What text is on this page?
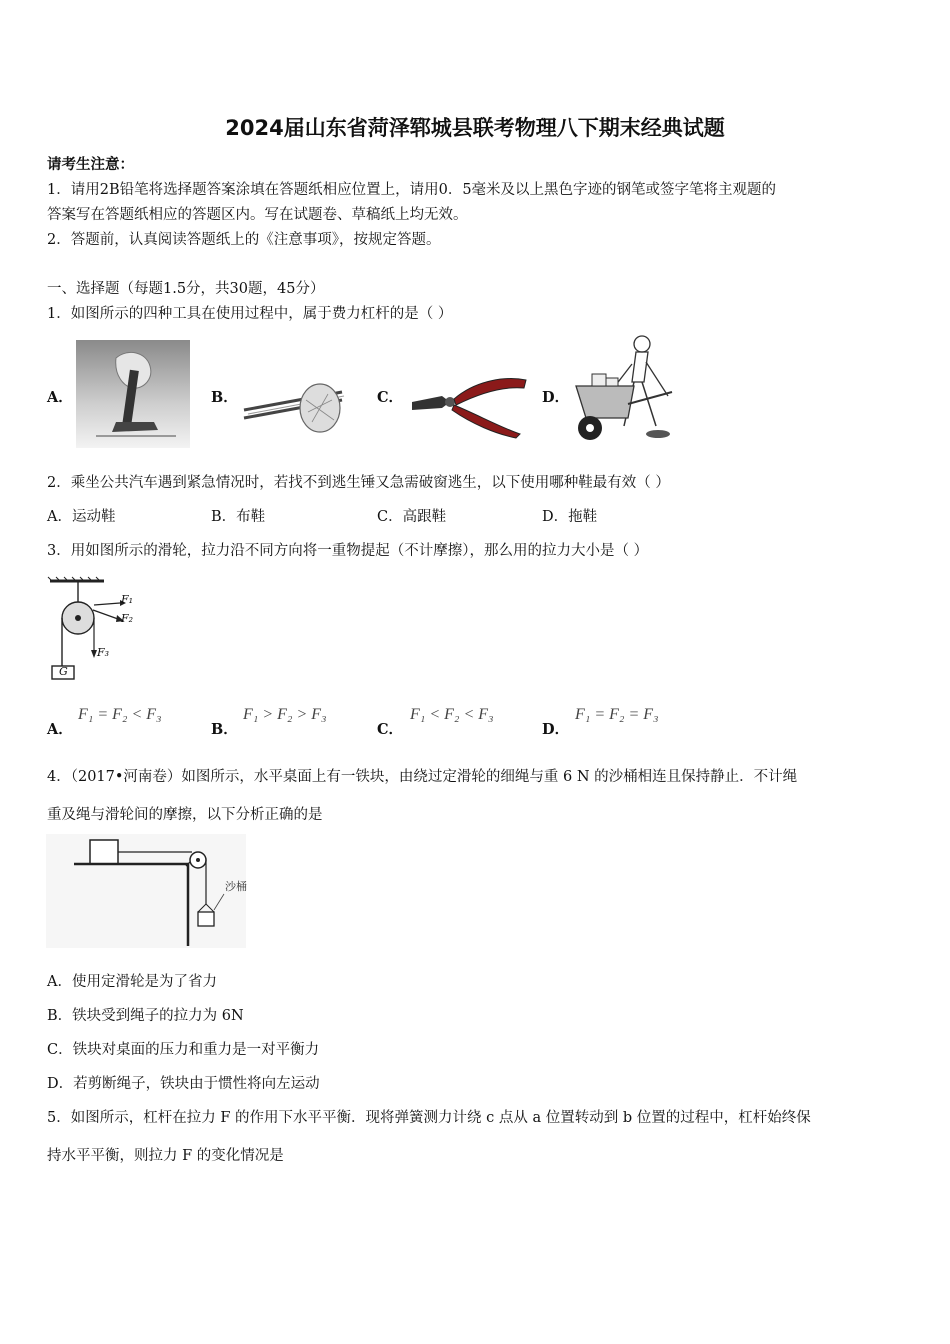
2024届山东省菏泽郓城县联考物理八下期末经典试题
请考生注意：
1．请用2B铅笔将选择题答案涂填在答题纸相应位置上，请用0．5毫米及以上黑色字迹的钢笔或签字笔将主观题的
答案写在答题纸相应的答题区内。写在试题卷、草稿纸上均无效。
2．答题前，认真阅读答题纸上的《注意事项》，按规定答题。
一、选择题（每题1.5分，共30题，45分）
1．如图所示的四种工具在使用过程中，属于费力杠杆的是（ ）
A．	B．	C．	D．
2．乘坐公共汽车遇到紧急情况时，若找不到逃生锤又急需破窗逃生，以下使用哪种鞋最有效（ ）
A．运动鞋	B．布鞋	C．高跟鞋	D．拖鞋
3．用如图所示的滑轮，拉力沿不同方向将一重物提起（不计摩擦），那么用的拉力大小是（ ）
F₁
F₂
F₃
G
A．
F₁ = F₂ < F₃
B．
F₁ > F₂ > F₃
C．
F₁ < F₂ < F₃
D．
F₁ = F₂ = F₃
4．（2017•河南卷）如图所示，水平桌面上有一铁块，由绕过定滑轮的细绳与重 6 N 的沙桶相连且保持静止．不计绳
重及绳与滑轮间的摩擦，以下分析正确的是
沙桶
A．使用定滑轮是为了省力
B．铁块受到绳子的拉力为 6N
C．铁块对桌面的压力和重力是一对平衡力
D．若剪断绳子，铁块由于惯性将向左运动
5．如图所示，杠杆在拉力 F 的作用下水平平衡．现将弹簧测力计绕 c 点从 a 位置转动到 b 位置的过程中，杠杆始终保
持水平平衡，则拉力 F 的变化情况是
